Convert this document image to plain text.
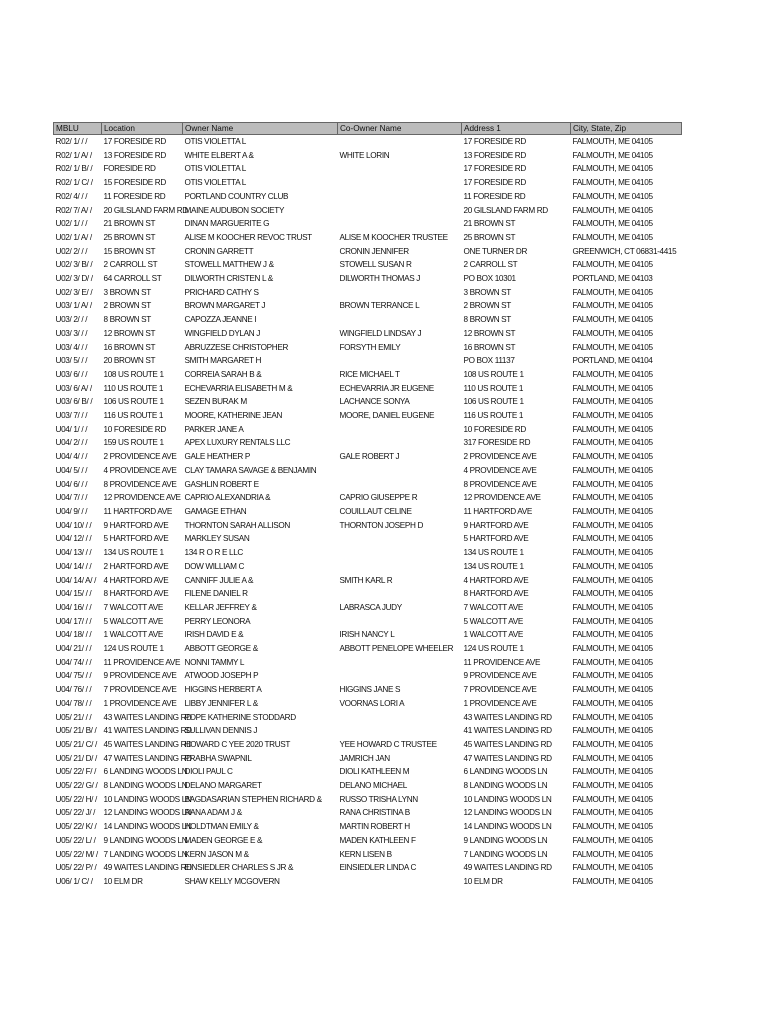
MBLU	Location	Owner Name	Co-Owner Name	Address 1	City, State, Zip
R02/ 1/ / /	17 FORESIDE RD	OTIS VIOLETTA L		17 FORESIDE RD	FALMOUTH, ME 04105
R02/ 1/ A/ /	13 FORESIDE RD	WHITE ELBERT A &	WHITE LORIN	13 FORESIDE RD	FALMOUTH, ME 04105
R02/ 1/ B/ /	FORESIDE RD	OTIS VIOLETTA L		17 FORESIDE RD	FALMOUTH, ME 04105
R02/ 1/ C/ /	15 FORESIDE RD	OTIS VIOLETTA L		17 FORESIDE RD	FALMOUTH, ME 04105
R02/ 4/ / /	11 FORESIDE RD	PORTLAND COUNTRY CLUB		11 FORESIDE RD	FALMOUTH, ME 04105
R02/ 7/ A/ /	20 GILSLAND FARM RD	MAINE AUDUBON SOCIETY		20 GILSLAND FARM RD	FALMOUTH, ME 04105
U02/ 1/ / /	21 BROWN ST	DINAN MARGUERITE G		21 BROWN ST	FALMOUTH, ME 04105
U02/ 1/ A/ /	25 BROWN ST	ALISE M KOOCHER REVOC TRUST	ALISE M KOOCHER TRUSTEE	25 BROWN ST	FALMOUTH, ME 04105
U02/ 2/ / /	15 BROWN ST	CRONIN GARRETT	CRONIN JENNIFER	ONE TURNER DR	GREENWICH, CT 06831-4415
U02/ 3/ B/ /	2 CARROLL ST	STOWELL MATTHEW J &	STOWELL SUSAN R	2 CARROLL ST	FALMOUTH, ME 04105
U02/ 3/ D/ /	64 CARROLL ST	DILWORTH CRISTEN L &	DILWORTH THOMAS J	PO BOX 10301	PORTLAND, ME 04103
U02/ 3/ E/ /	3 BROWN ST	PRICHARD CATHY S		3 BROWN ST	FALMOUTH, ME 04105
U03/ 1/ A/ /	2 BROWN ST	BROWN MARGARET J	BROWN TERRANCE L	2 BROWN ST	FALMOUTH, ME 04105
U03/ 2/ / /	8 BROWN ST	CAPOZZA JEANNE I		8 BROWN ST	FALMOUTH, ME 04105
U03/ 3/ / /	12 BROWN ST	WINGFIELD DYLAN J	WINGFIELD LINDSAY J	12 BROWN ST	FALMOUTH, ME 04105
U03/ 4/ / /	16 BROWN ST	ABRUZZESE CHRISTOPHER	FORSYTH EMILY	16 BROWN ST	FALMOUTH, ME 04105
U03/ 5/ / /	20 BROWN ST	SMITH MARGARET H		PO BOX 11137	PORTLAND, ME 04104
U03/ 6/ / /	108 US ROUTE 1	CORREIA SARAH B &	RICE MICHAEL T	108 US ROUTE 1	FALMOUTH, ME 04105
U03/ 6/ A/ /	110 US ROUTE 1	ECHEVARRIA ELISABETH M &	ECHEVARRIA JR EUGENE	110 US ROUTE 1	FALMOUTH, ME 04105
U03/ 6/ B/ /	106 US ROUTE 1	SEZEN BURAK M	LACHANCE SONYA	106 US ROUTE 1	FALMOUTH, ME 04105
U03/ 7/ / /	116 US ROUTE 1	MOORE, KATHERINE JEAN	MOORE, DANIEL EUGENE	116 US ROUTE 1	FALMOUTH, ME 04105
U04/ 1/ / /	10 FORESIDE RD	PARKER JANE A		10 FORESIDE RD	FALMOUTH, ME 04105
U04/ 2/ / /	159 US ROUTE 1	APEX LUXURY RENTALS LLC		317 FORESIDE RD	FALMOUTH, ME 04105
U04/ 4/ / /	2 PROVIDENCE AVE	GALE HEATHER P	GALE ROBERT J	2 PROVIDENCE AVE	FALMOUTH, ME 04105
U04/ 5/ / /	4 PROVIDENCE AVE	CLAY TAMARA SAVAGE & BENJAMIN		4 PROVIDENCE AVE	FALMOUTH, ME 04105
U04/ 6/ / /	8 PROVIDENCE AVE	GASHLIN ROBERT E		8 PROVIDENCE AVE	FALMOUTH, ME 04105
U04/ 7/ / /	12 PROVIDENCE AVE	CAPRIO ALEXANDRIA &	CAPRIO GIUSEPPE R	12 PROVIDENCE AVE	FALMOUTH, ME 04105
U04/ 9/ / /	11 HARTFORD AVE	GAMAGE ETHAN	COUILLAUT CELINE	11 HARTFORD AVE	FALMOUTH, ME 04105
U04/ 10/ / /	9 HARTFORD AVE	THORNTON SARAH ALLISON	THORNTON JOSEPH D	9 HARTFORD AVE	FALMOUTH, ME 04105
U04/ 12/ / /	5 HARTFORD AVE	MARKLEY SUSAN		5 HARTFORD AVE	FALMOUTH, ME 04105
U04/ 13/ / /	134 US ROUTE 1	134 R O R E LLC		134 US ROUTE 1	FALMOUTH, ME 04105
U04/ 14/ / /	2 HARTFORD AVE	DOW WILLIAM C		134 US ROUTE 1	FALMOUTH, ME 04105
U04/ 14/ A/ /	4 HARTFORD AVE	CANNIFF JULIE A &	SMITH KARL R	4 HARTFORD AVE	FALMOUTH, ME 04105
U04/ 15/ / /	8 HARTFORD AVE	FILENE DANIEL R		8 HARTFORD AVE	FALMOUTH, ME 04105
U04/ 16/ / /	7 WALCOTT AVE	KELLAR JEFFREY &	LABRASCA JUDY	7 WALCOTT AVE	FALMOUTH, ME 04105
U04/ 17/ / /	5 WALCOTT AVE	PERRY LEONORA		5 WALCOTT AVE	FALMOUTH, ME 04105
U04/ 18/ / /	1 WALCOTT AVE	IRISH DAVID E &	IRISH NANCY L	1 WALCOTT AVE	FALMOUTH, ME 04105
U04/ 21/ / /	124 US ROUTE 1	ABBOTT GEORGE &	ABBOTT PENELOPE WHEELER	124 US ROUTE 1	FALMOUTH, ME 04105
U04/ 74/ / /	11 PROVIDENCE AVE	NONNI TAMMY L		11 PROVIDENCE AVE	FALMOUTH, ME 04105
U04/ 75/ / /	9 PROVIDENCE AVE	ATWOOD JOSEPH P		9 PROVIDENCE AVE	FALMOUTH, ME 04105
U04/ 76/ / /	7 PROVIDENCE AVE	HIGGINS HERBERT A	HIGGINS JANE S	7 PROVIDENCE AVE	FALMOUTH, ME 04105
U04/ 78/ / /	1 PROVIDENCE AVE	LIBBY JENNIFER L &	VOORNAS LORI A	1 PROVIDENCE AVE	FALMOUTH, ME 04105
U05/ 21/ / /	43 WAITES LANDING RD	POPE KATHERINE STODDARD		43 WAITES LANDING RD	FALMOUTH, ME 04105
U05/ 21/ B/ /	41 WAITES LANDING RD	SULLIVAN DENNIS J		41 WAITES LANDING RD	FALMOUTH, ME 04105
U05/ 21/ C/ /	45 WAITES LANDING RD	HOWARD C YEE 2020 TRUST	YEE HOWARD C TRUSTEE	45 WAITES LANDING RD	FALMOUTH, ME 04105
U05/ 21/ D/ /	47 WAITES LANDING RD	PRABHA SWAPNIL	JAMRICH JAN	47 WAITES LANDING RD	FALMOUTH, ME 04105
U05/ 22/ F/ /	6 LANDING WOODS LN	DIOLI PAUL C	DIOLI KATHLEEN M	6 LANDING WOODS LN	FALMOUTH, ME 04105
U05/ 22/ G/ /	8 LANDING WOODS LN	DELANO MARGARET	DELANO MICHAEL	8 LANDING WOODS LN	FALMOUTH, ME 04105
U05/ 22/ H/ /	10 LANDING WOODS LN	BAGDASARIAN STEPHEN RICHARD &	RUSSO TRISHA LYNN	10 LANDING WOODS LN	FALMOUTH, ME 04105
U05/ 22/ J/ /	12 LANDING WOODS LN	RANA ADAM J &	RANA CHRISTINA B	12 LANDING WOODS LN	FALMOUTH, ME 04105
U05/ 22/ K/ /	14 LANDING WOODS LN	HOLDTMAN EMILY &	MARTIN ROBERT H	14 LANDING WOODS LN	FALMOUTH, ME 04105
U05/ 22/ L/ /	9 LANDING WOODS LN	MADEN GEORGE E &	MADEN KATHLEEN F	9 LANDING WOODS LN	FALMOUTH, ME 04105
U05/ 22/ M/ /	7 LANDING WOODS LN	KERN JASON M &	KERN LISEN B	7 LANDING WOODS LN	FALMOUTH, ME 04105
U05/ 22/ P/ /	49 WAITES LANDING RD	EINSIEDLER CHARLES S JR &	EINSIEDLER LINDA C	49 WAITES LANDING RD	FALMOUTH, ME 04105
U06/ 1/ C/ /	10 ELM DR	SHAW KELLY MCGOVERN		10 ELM DR	FALMOUTH, ME 04105
